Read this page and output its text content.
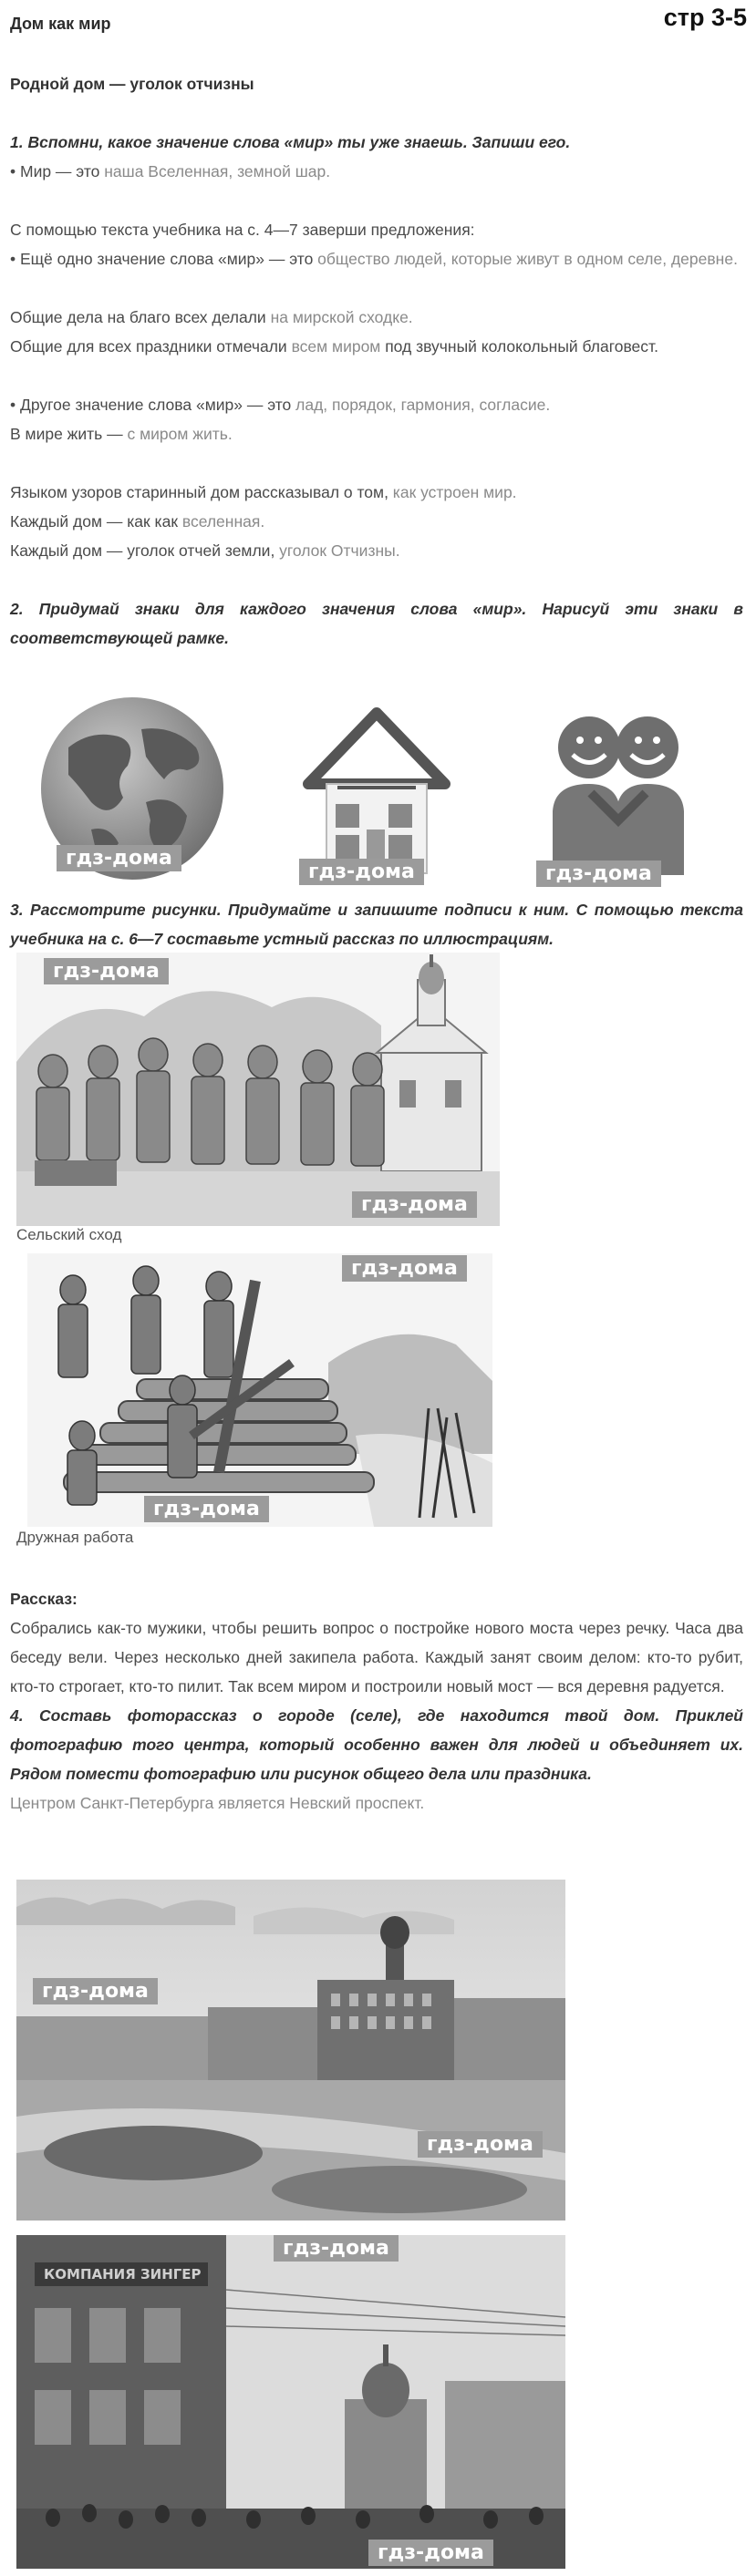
Дом как мир	стр 3-5
Родной дом — уголок отчизны
1. Вспомни, какое значение слова «мир» ты уже знаешь. Запиши его.
• Мир — это наша Вселенная, земной шар.
С помощью текста учебника на с. 4—7 заверши предложения:
• Ещё одно значение слова «мир» — это общество людей, которые живут в одном селе, деревне.
Общие дела на благо всех делали на мирской сходке.
Общие для всех праздники отмечали всем миром под звучный колокольный благовест.
• Другое значение слова «мир» — это лад, порядок, гармония, согласие.
В мире жить — с миром жить.
Языком узоров старинный дом рассказывал о том, как устроен мир.
Каждый дом — как как вселенная.
Каждый дом — уголок отчей земли, уголок Отчизны.
2. Придумай знаки для каждого значения слова «мир». Нарисуй эти знаки в соответствующей рамке.
гдз-дома
гдз-дома	гдз-дома
3. Рассмотрите рисунки. Придумайте и запишите подписи к ним. С помощью текста учебника на с. 6—7 составьте устный рассказ по иллюстрациям.
гдз-дома
гдз-дома
Сельский сход
гдз-дома
гдз-дома
Дружная работа
Рассказ:
Собрались как-то мужики, чтобы решить вопрос о постройке нового моста через речку. Часа два беседу вели. Через несколько дней закипела работа. Каждый занят своим делом: кто-то рубит, кто-то строгает, кто-то пилит. Так всем миром и построили новый мост — вся деревня радуется.
4. Составь фоторассказ о городе (селе), где находится твой дом. Приклей фотографию того центра, который особенно важен для людей и объединяет их. Рядом помести фотографию или рисунок общего дела или праздника.
Центром Санкт-Петербурга является Невский проспект.
гдз-дома
гдз-дома
КОМПАНИЯ ЗИНГЕР
гдз-дома
гдз-дома
